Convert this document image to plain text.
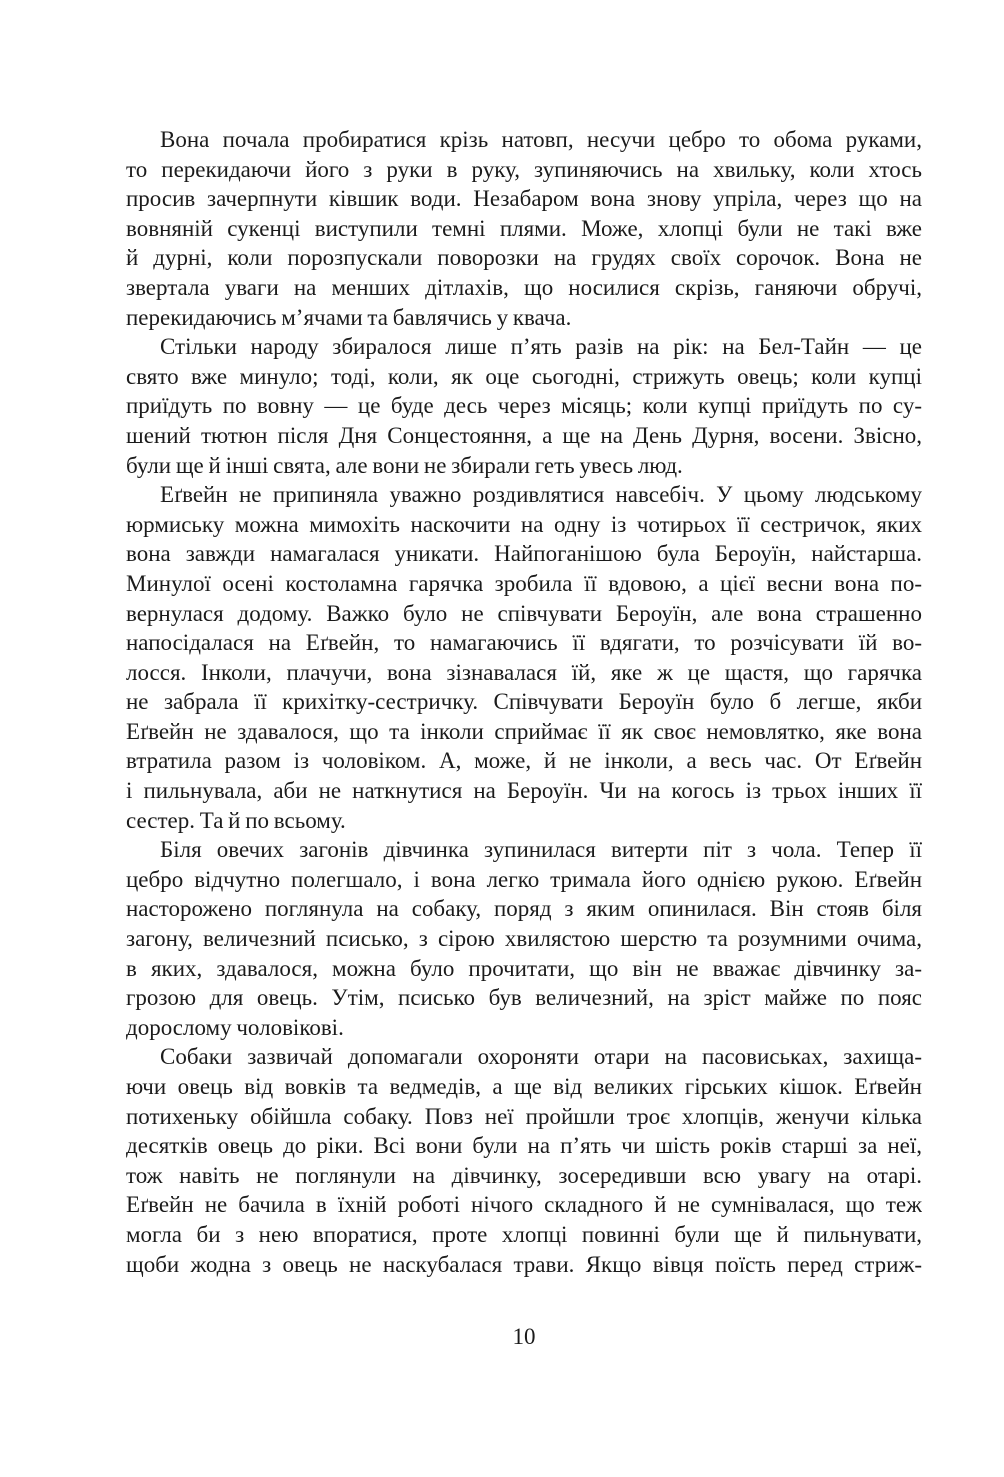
Вона почала пробиратися крізь натовп, несучи цебро то обома руками,
то перекидаючи його з руки в руку, зупиняючись на хвильку, коли хтось
просив зачерпнути ківшик води. Незабаром вона знову упріла, через що на
вовняній сукенці виступили темні плями. Може, хлопці були не такі вже
й дурні, коли порозпускали поворозки на грудях своїх сорочок. Вона не
звертала уваги на менших дітлахів, що носилися скрізь, ганяючи обручі,
перекидаючись м’ячами та бавлячись у квача.
Стільки народу збиралося лише п’ять разів на рік: на Бел-Тайн — це
свято вже минуло; тоді, коли, як оце сьогодні, стрижуть овець; коли купці
приїдуть по вовну — це буде десь через місяць; коли купці приїдуть по су-
шений тютюн після Дня Сонцестояння, а ще на День Дурня, восени. Звісно,
були ще й інші свята, але вони не збирали геть увесь люд.
Еґвейн не припиняла уважно роздивлятися навсебіч. У цьому людському
юрмиську можна мимохіть наскочити на одну із чотирьох її сестричок, яких
вона завжди намагалася уникати. Найпоганішою була Бероуїн, найстарша.
Минулої осені костоламна гарячка зробила її вдовою, а цієї весни вона по-
вернулася додому. Важко було не співчувати Бероуїн, але вона страшенно
напосідалася на Еґвейн, то намагаючись її вдягати, то розчісувати їй во-
лосся. Інколи, плачучи, вона зізнавалася їй, яке ж це щастя, що гарячка
не забрала її крихітку-сестричку. Співчувати Бероуїн було б легше, якби
Еґвейн не здавалося, що та інколи сприймає її як своє немовлятко, яке вона
втратила разом із чоловіком. А, може, й не інколи, а весь час. От Еґвейн
і пильнувала, аби не наткнутися на Бероуїн. Чи на когось із трьох інших її
сестер. Та й по всьому.
Біля овечих загонів дівчинка зупинилася витерти піт з чола. Тепер її
цебро відчутно полегшало, і вона легко тримала його однією рукою. Еґвейн
насторожено поглянула на собаку, поряд з яким опинилася. Він стояв біля
загону, величезний псисько, з сірою хвилястою шерстю та розумними очима,
в яких, здавалося, можна було прочитати, що він не вважає дівчинку за-
грозою для овець. Утім, псисько був величезний, на зріст майже по пояс
дорослому чоловікові.
Собаки зазвичай допомагали охороняти отари на пасовиськах, захища-
ючи овець від вовків та ведмедів, а ще від великих гірських кішок. Еґвейн
потихеньку обійшла собаку. Повз неї пройшли троє хлопців, женучи кілька
десятків овець до ріки. Всі вони були на п’ять чи шість років старші за неї,
тож навіть не поглянули на дівчинку, зосередивши всю увагу на отарі.
Еґвейн не бачила в їхній роботі нічого складного й не сумнівалася, що теж
могла би з нею впоратися, проте хлопці повинні були ще й пильнувати,
щоби жодна з овець не наскубалася трави. Якщо вівця поїсть перед стриж-
10
